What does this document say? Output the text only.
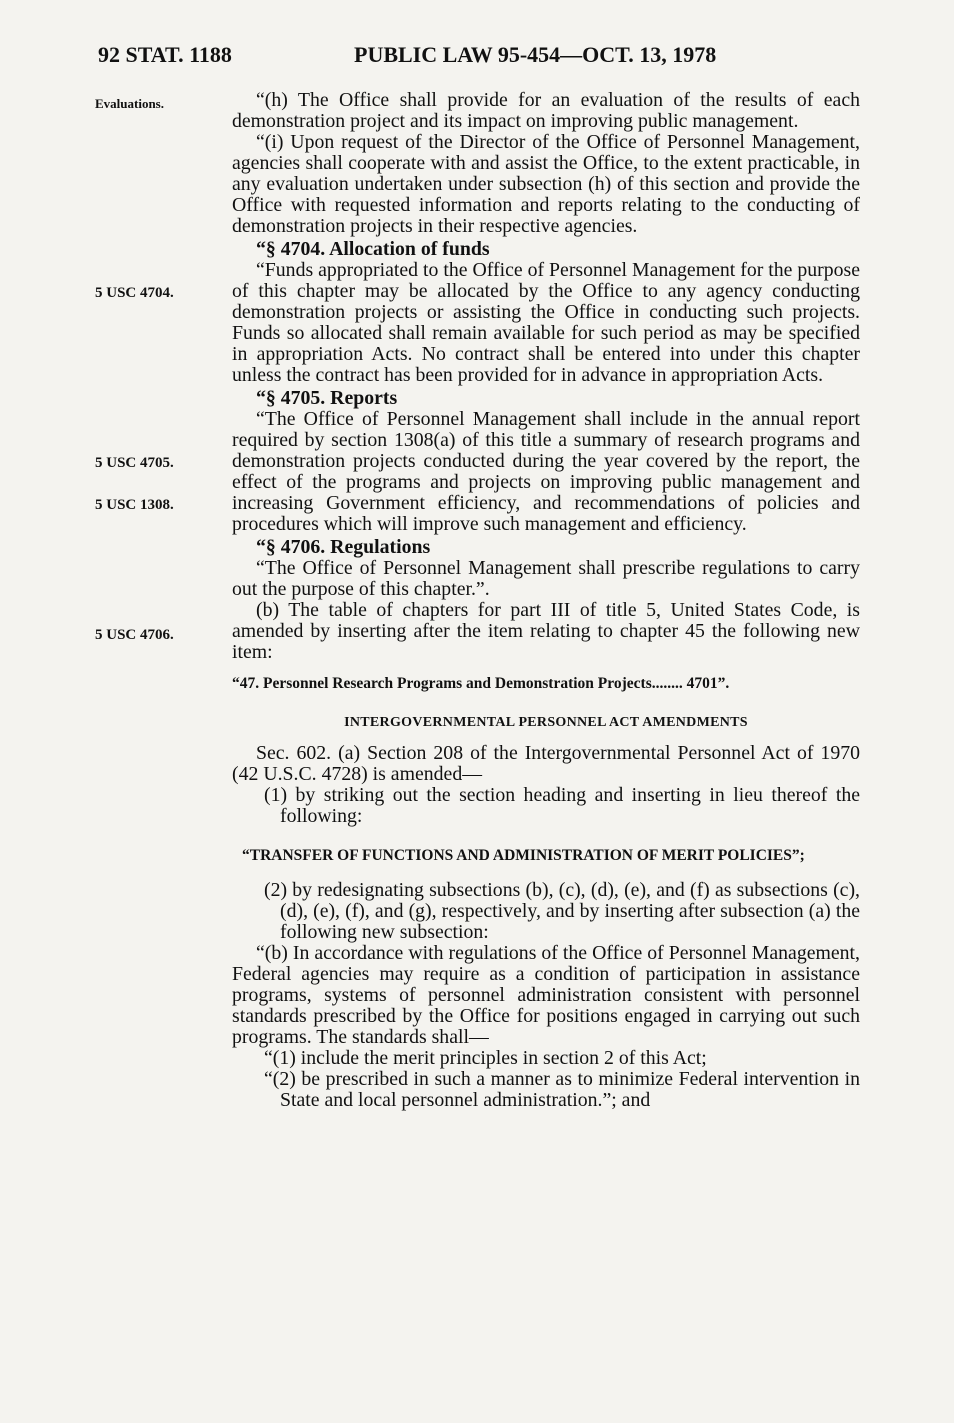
92 STAT. 1188	PUBLIC LAW 95-454—OCT. 13, 1978
Evaluations.
5 USC 4704.
5 USC 4705.
5 USC 1308.
5 USC 4706.

“(h) The Office shall provide for an evaluation of the results of each demonstration project and its impact on improving public management.

“(i) Upon request of the Director of the Office of Personnel Management, agencies shall cooperate with and assist the Office, to the extent practicable, in any evaluation undertaken under subsection (h) of this section and provide the Office with requested information and reports relating to the conducting of demonstration projects in their respective agencies.

“§ 4704. Allocation of funds

“Funds appropriated to the Office of Personnel Management for the purpose of this chapter may be allocated by the Office to any agency conducting demonstration projects or assisting the Office in conducting such projects. Funds so allocated shall remain available for such period as may be specified in appropriation Acts. No contract shall be entered into under this chapter unless the contract has been provided for in advance in appropriation Acts.

“§ 4705. Reports

“The Office of Personnel Management shall include in the annual report required by section 1308(a) of this title a summary of research programs and demonstration projects conducted during the year covered by the report, the effect of the programs and projects on improving public management and increasing Government efficiency, and recommendations of policies and procedures which will improve such management and efficiency.

“§ 4706. Regulations

“The Office of Personnel Management shall prescribe regulations to carry out the purpose of this chapter.”.

(b) The table of chapters for part III of title 5, United States Code, is amended by inserting after the item relating to chapter 45 the following new item:

“47. Personnel Research Programs and Demonstration Projects........ 4701”.

INTERGOVERNMENTAL PERSONNEL ACT AMENDMENTS

Sec. 602. (a) Section 208 of the Intergovernmental Personnel Act of 1970 (42 U.S.C. 4728) is amended—

(1) by striking out the section heading and inserting in lieu thereof the following:

“TRANSFER OF FUNCTIONS AND ADMINISTRATION OF MERIT POLICIES”;

(2) by redesignating subsections (b), (c), (d), (e), and (f) as subsections (c), (d), (e), (f), and (g), respectively, and by inserting after subsection (a) the following new subsection:

“(b) In accordance with regulations of the Office of Personnel Management, Federal agencies may require as a condition of participation in assistance programs, systems of personnel administration consistent with personnel standards prescribed by the Office for positions engaged in carrying out such programs. The standards shall—

“(1) include the merit principles in section 2 of this Act;

“(2) be prescribed in such a manner as to minimize Federal intervention in State and local personnel administration.”; and
